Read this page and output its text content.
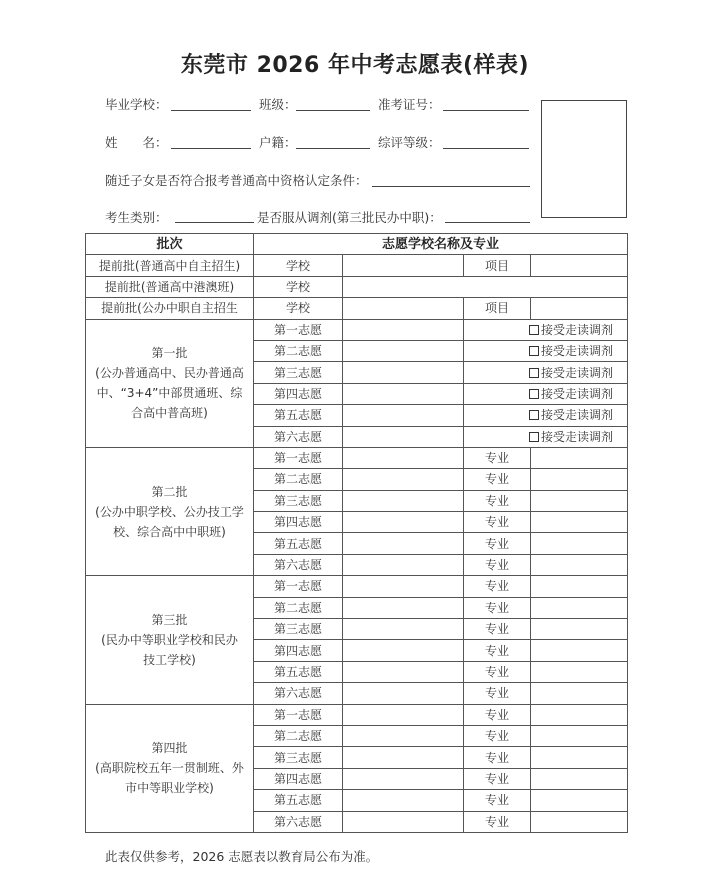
东莞市 2026 年中考志愿表(样表)
毕业学校：	班级：	准考证号：
姓　　名：	户籍：	综评等级：
随迁子女是否符合报考普通高中资格认定条件：
考生类别：	是否服从调剂(第三批民办中职)：
批次	志愿学校名称及专业			
提前批(普通高中自主招生)	学校		项目	
提前批(普通高中港澳班)	学校			
提前批(公办中职自主招生	学校		项目	

第一批
(公办普通高中、民办普通高
中、“3+4”中部贯通班、综
合高中普高班)	第一志愿		接受走读调剂	
	第二志愿		接受走读调剂	
	第三志愿		接受走读调剂	
	第四志愿		接受走读调剂	
	第五志愿		接受走读调剂	
	第六志愿		接受走读调剂	

第二批
(公办中职学校、公办技工学
校、综合高中中职班)	第一志愿		专业	
	第二志愿		专业	
	第三志愿		专业	
	第四志愿		专业	
	第五志愿		专业	
	第六志愿		专业	

第三批
(民办中等职业学校和民办
技工学校)	第一志愿		专业	
	第二志愿		专业	
	第三志愿		专业	
	第四志愿		专业	
	第五志愿		专业	
	第六志愿		专业	

第四批
(高职院校五年一贯制班、外
市中等职业学校)	第一志愿		专业	
	第二志愿		专业	
	第三志愿		专业	
	第四志愿		专业	
	第五志愿		专业	
	第六志愿		专业	
此表仅供参考，2026 志愿表以教育局公布为准。
